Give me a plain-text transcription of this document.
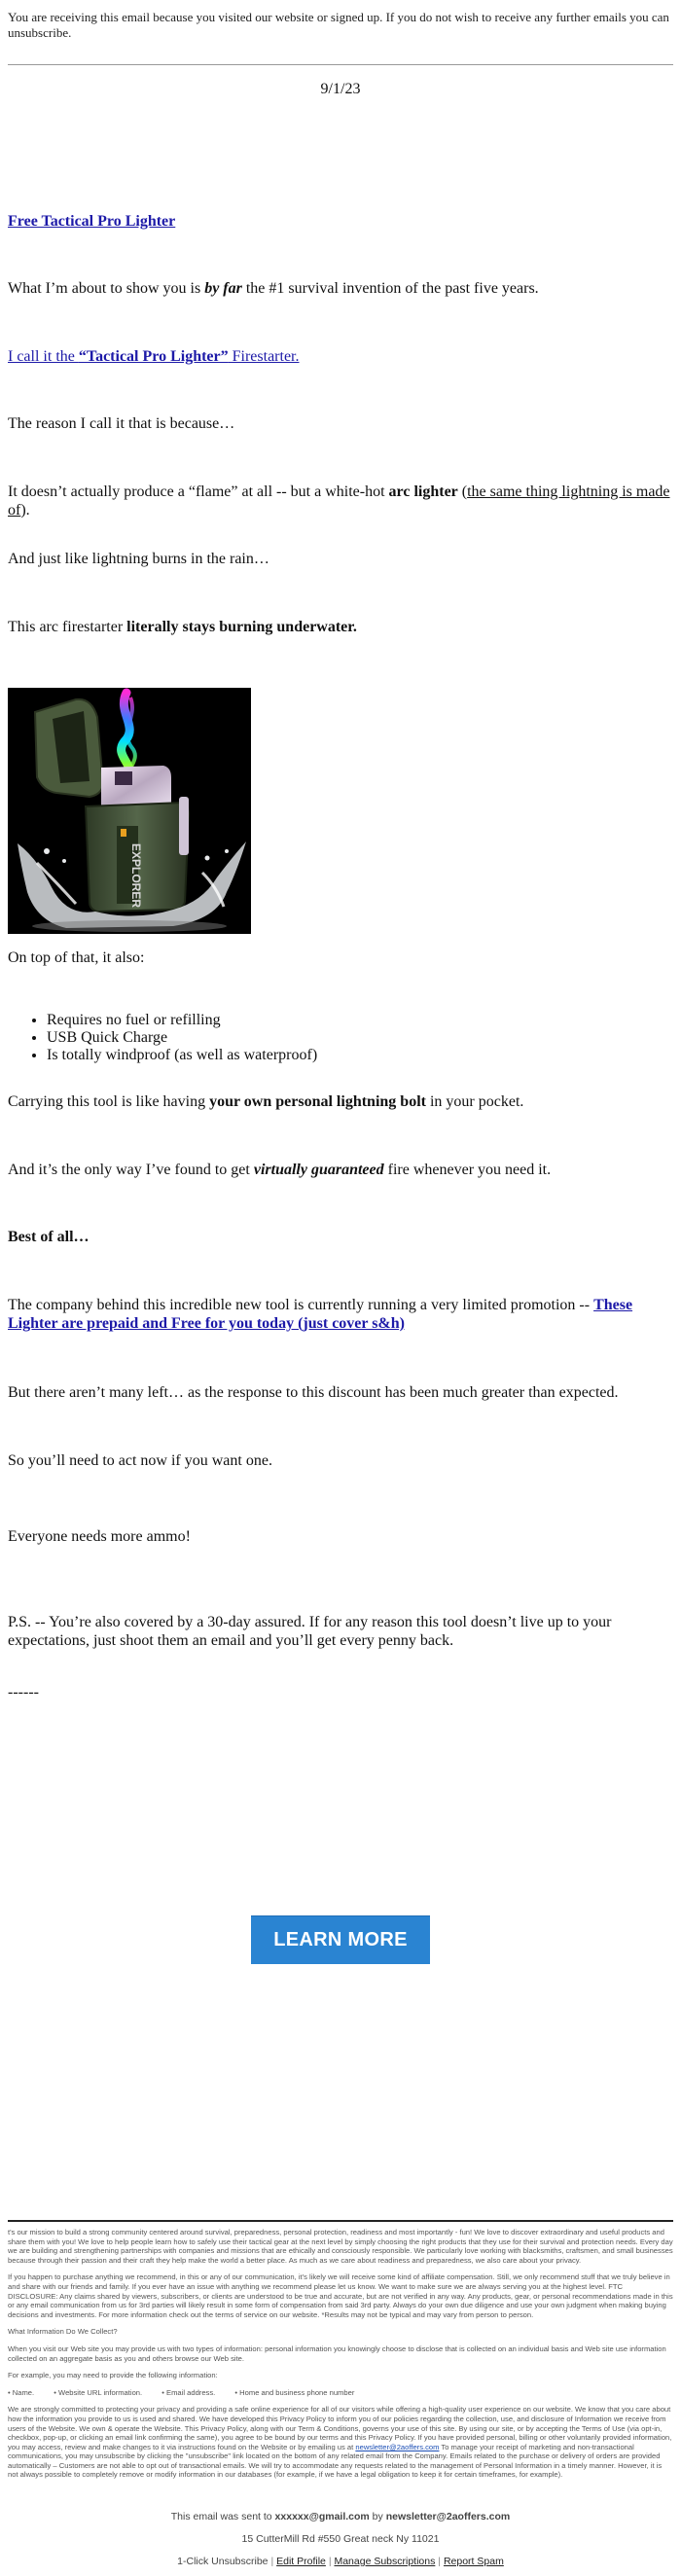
You are receiving this email because you visited our website or signed up. If you do not wish to receive any further emails you can unsubscribe.
9/1/23
Free Tactical Pro Lighter
What I’m about to show you is by far the #1 survival invention of the past five years.
I call it the “Tactical Pro Lighter” Firestarter.
The reason I call it that is because…
It doesn’t actually produce a “flame” at all -- but a white-hot arc lighter (the same thing lightning is made of).
And just like lightning burns in the rain…
This arc firestarter literally stays burning underwater.
EXPLORER
On top of that, it also:
• Requires no fuel or refilling
• USB Quick Charge
• Is totally windproof (as well as waterproof)
Carrying this tool is like having your own personal lightning bolt in your pocket.
And it’s the only way I’ve found to get virtually guaranteed fire whenever you need it.
Best of all…
The company behind this incredible new tool is currently running a very limited promotion -- These Lighter are prepaid and Free for you today (just cover s&h)
But there aren’t many left… as the response to this discount has been much greater than expected.
So you’ll need to act now if you want one.
Everyone needs more ammo!
P.S. -- You’re also covered by a 30-day assured. If for any reason this tool doesn’t live up to your expectations, just shoot them an email and you’ll get every penny back.
------
LEARN MORE

t's our mission to build a strong community centered around survival, preparedness, personal protection, readiness and most importantly - fun! We love to discover extraordinary and useful products and share them with you! We love to help people learn how to safely use their tactical gear at the next level by simply choosing the right products that they use for their survival and protection needs. Every day we are building and strengthening partnerships with companies and missions that are ethically and consciously responsible. We particularly love working with blacksmiths, craftsmen, and small businesses because through their passion and their craft they help make the world a better place. As much as we care about readiness and preparedness, we also care about your privacy.

If you happen to purchase anything we recommend, in this or any of our communication, it's likely we will receive some kind of affiliate compensation. Still, we only recommend stuff that we truly believe in and share with our friends and family. If you ever have an issue with anything we recommend please let us know. We want to make sure we are always serving you at the highest level. FTC DISCLOSURE: Any claims shared by viewers, subscribers, or clients are understood to be true and accurate, but are not verified in any way. Any products, gear, or personal recommendations made in this or any email communication from us for 3rd parties will likely result in some form of compensation from said 3rd party. Always do your own due diligence and use your own judgment when making buying decisions and investments. For more information check out the terms of service on our website. *Results may not be typical and may vary from person to person.

What Information Do We Collect?

When you visit our Web site you may provide us with two types of information: personal information you knowingly choose to disclose that is collected on an individual basis and Web site use information collected on an aggregate basis as you and others browse our Web site.

For example, you may need to provide the following information:

• Name.	• Website URL information.	• Email address.	• Home and business phone number

We are strongly committed to protecting your privacy and providing a safe online experience for all of our visitors while offering a high-quality user experience on our website. We know that you care about how the information you provide to us is used and shared. We have developed this Privacy Policy to inform you of our policies regarding the collection, use, and disclosure of Information we receive from users of the Website. We own & operate the Website. This Privacy Policy, along with our Term & Conditions, governs your use of this site. By using our site, or by accepting the Terms of Use (via opt-in, checkbox, pop-up, or clicking an email link confirming the same), you agree to be bound by our terms and this Privacy Policy. If you have provided personal, billing or other voluntarily provided information, you may access, review and make changes to it via instructions found on the Website or by emailing us at newsletter@2aoffers.com To manage your receipt of marketing and non-transactional communications, you may unsubscribe by clicking the "unsubscribe" link located on the bottom of any related email from the Company. Emails related to the purchase or delivery of orders are provided automatically – Customers are not able to opt out of transactional emails. We will try to accommodate any requests related to the management of Personal Information in a timely manner. However, it is not always possible to completely remove or modify information in our databases (for example, if we have a legal obligation to keep it for certain timeframes, for example).

This email was sent to xxxxxx@gmail.com by newsletter@2aoffers.com
15 CutterMill Rd #550 Great neck Ny 11021
1-Click Unsubscribe | Edit Profile | Manage Subscriptions | Report Spam
